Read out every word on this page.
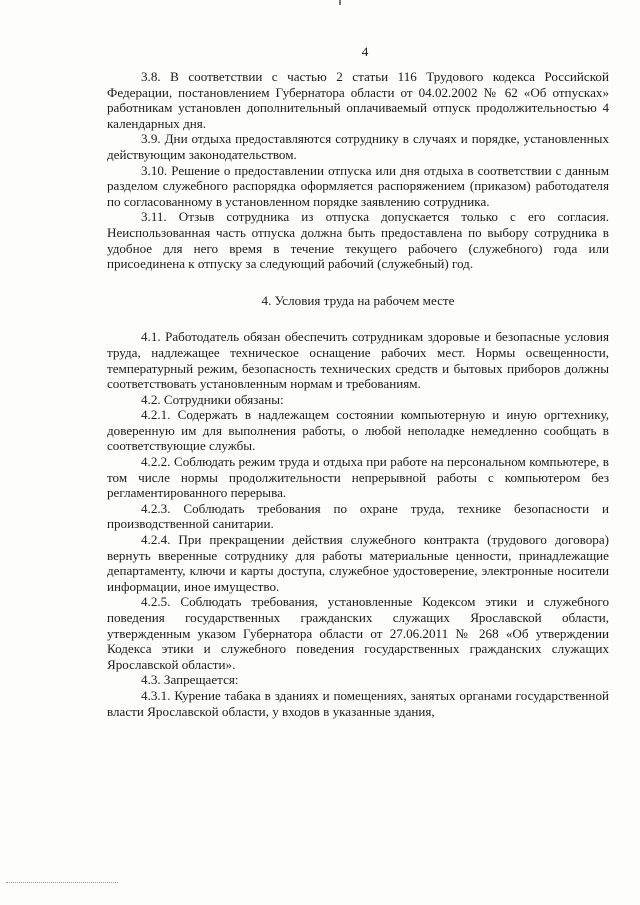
4

3.8. В соответствии с частью 2 статьи 116 Трудового кодекса Российской Федерации, постановлением Губернатора области от 04.02.2002 № 62 «Об отпусках» работникам установлен дополнительный оплачиваемый отпуск продолжительностью 4 календарных дня.

3.9. Дни отдыха предоставляются сотруднику в случаях и порядке, установленных действующим законодательством.

3.10. Решение о предоставлении отпуска или дня отдыха в соответствии с данным разделом служебного распорядка оформляется распоряжением (приказом) работодателя по согласованному в установленном порядке заявлению сотрудника.

3.11. Отзыв сотрудника из отпуска допускается только с его согласия. Неиспользованная часть отпуска должна быть предоставлена по выбору сотрудника в удобное для него время в течение текущего рабочего (служебного) года или присоединена к отпуску за следующий рабочий (служебный) год.

4. Условия труда на рабочем месте

4.1. Работодатель обязан обеспечить сотрудникам здоровые и безопасные условия труда, надлежащее техническое оснащение рабочих мест. Нормы освещенности, температурный режим, безопасность технических средств и бытовых приборов должны соответствовать установленным нормам и требованиям.

4.2. Сотрудники обязаны:

4.2.1. Содержать в надлежащем состоянии компьютерную и иную оргтехнику, доверенную им для выполнения работы, о любой неполадке немедленно сообщать в соответствующие службы.

4.2.2. Соблюдать режим труда и отдыха при работе на персональном компьютере, в том числе нормы продолжительности непрерывной работы с компьютером без регламентированного перерыва.

4.2.3. Соблюдать требования по охране труда, технике безопасности и производственной санитарии.

4.2.4. При прекращении действия служебного контракта (трудового договора) вернуть вверенные сотруднику для работы материальные ценности, принадлежащие департаменту, ключи и карты доступа, служебное удостоверение, электронные носители информации, иное имущество.

4.2.5. Соблюдать требования, установленные Кодексом этики и служебного поведения государственных гражданских служащих Ярославской области, утвержденным указом Губернатора области от 27.06.2011 № 268 «Об утверждении Кодекса этики и служебного поведения государственных гражданских служащих Ярославской области».

4.3. Запрещается:

4.3.1. Курение табака в зданиях и помещениях, занятых органами государственной власти Ярославской области, у входов в указанные здания,
